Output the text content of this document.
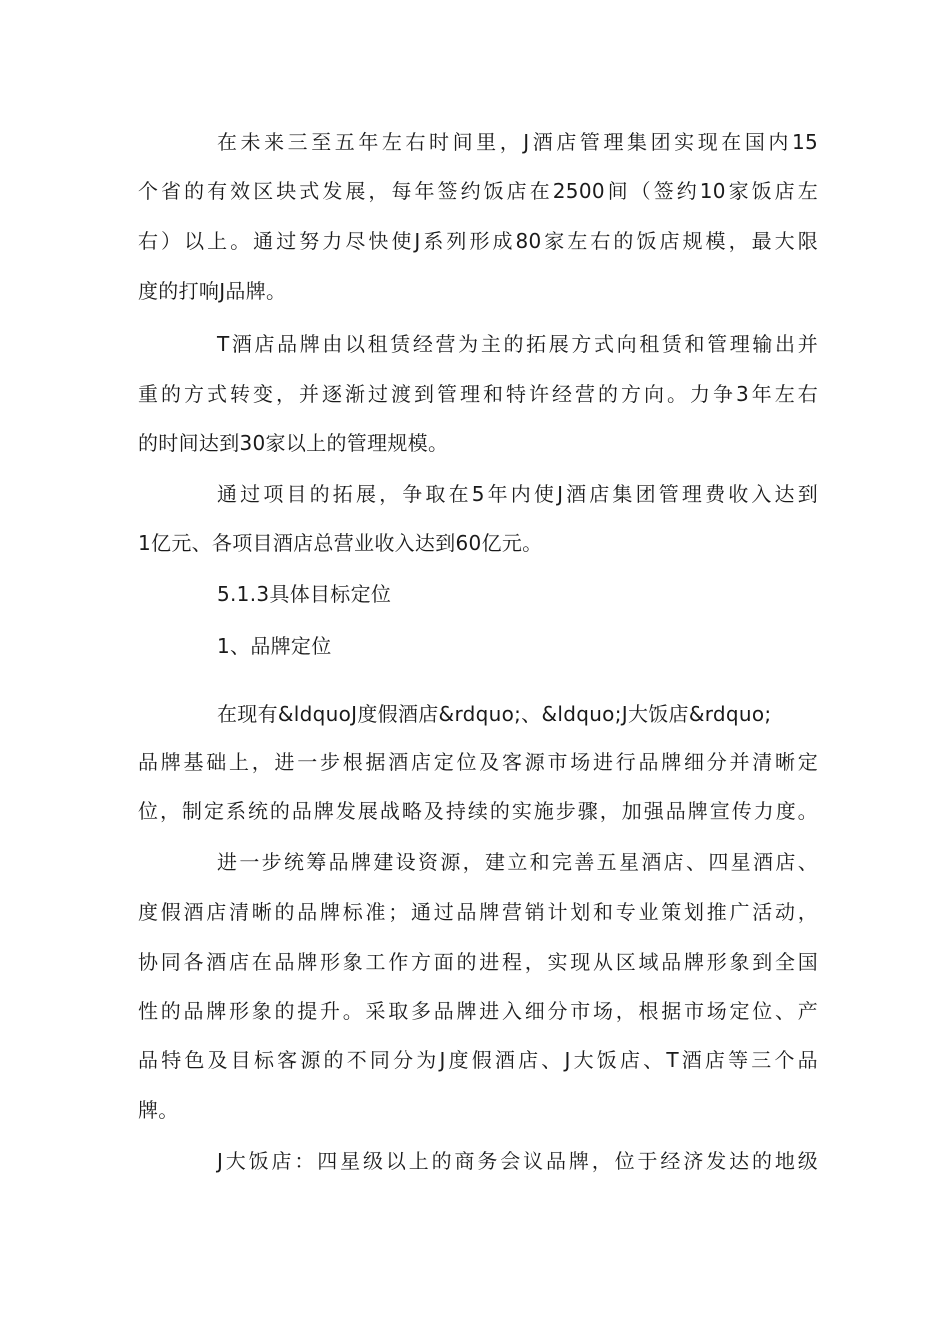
在未来三至五年左右时间里，J酒店管理集团实现在国内15
个省的有效区块式发展，每年签约饭店在2500间（签约10家饭店左
右）以上。通过努力尽快使J系列形成80家左右的饭店规模，最大限
度的打响J品牌。
T酒店品牌由以租赁经营为主的拓展方式向租赁和管理输出并
重的方式转变，并逐渐过渡到管理和特许经营的方向。力争3年左右
的时间达到30家以上的管理规模。
通过项目的拓展，争取在5年内使J酒店集团管理费收入达到
1亿元、各项目酒店总营业收入达到60亿元。
5.1.3具体目标定位
1、品牌定位
在现有&ldquoJ度假酒店&rdquo;、&ldquo;J大饭店&rdquo;
品牌基础上，进一步根据酒店定位及客源市场进行品牌细分并清晰定
位，制定系统的品牌发展战略及持续的实施步骤，加强品牌宣传力度。
进一步统筹品牌建设资源，建立和完善五星酒店、四星酒店、
度假酒店清晰的品牌标准；通过品牌营销计划和专业策划推广活动，
协同各酒店在品牌形象工作方面的进程，实现从区域品牌形象到全国
性的品牌形象的提升。采取多品牌进入细分市场，根据市场定位、产
品特色及目标客源的不同分为J度假酒店、J大饭店、T酒店等三个品
牌。
J大饭店：四星级以上的商务会议品牌，位于经济发达的地级
